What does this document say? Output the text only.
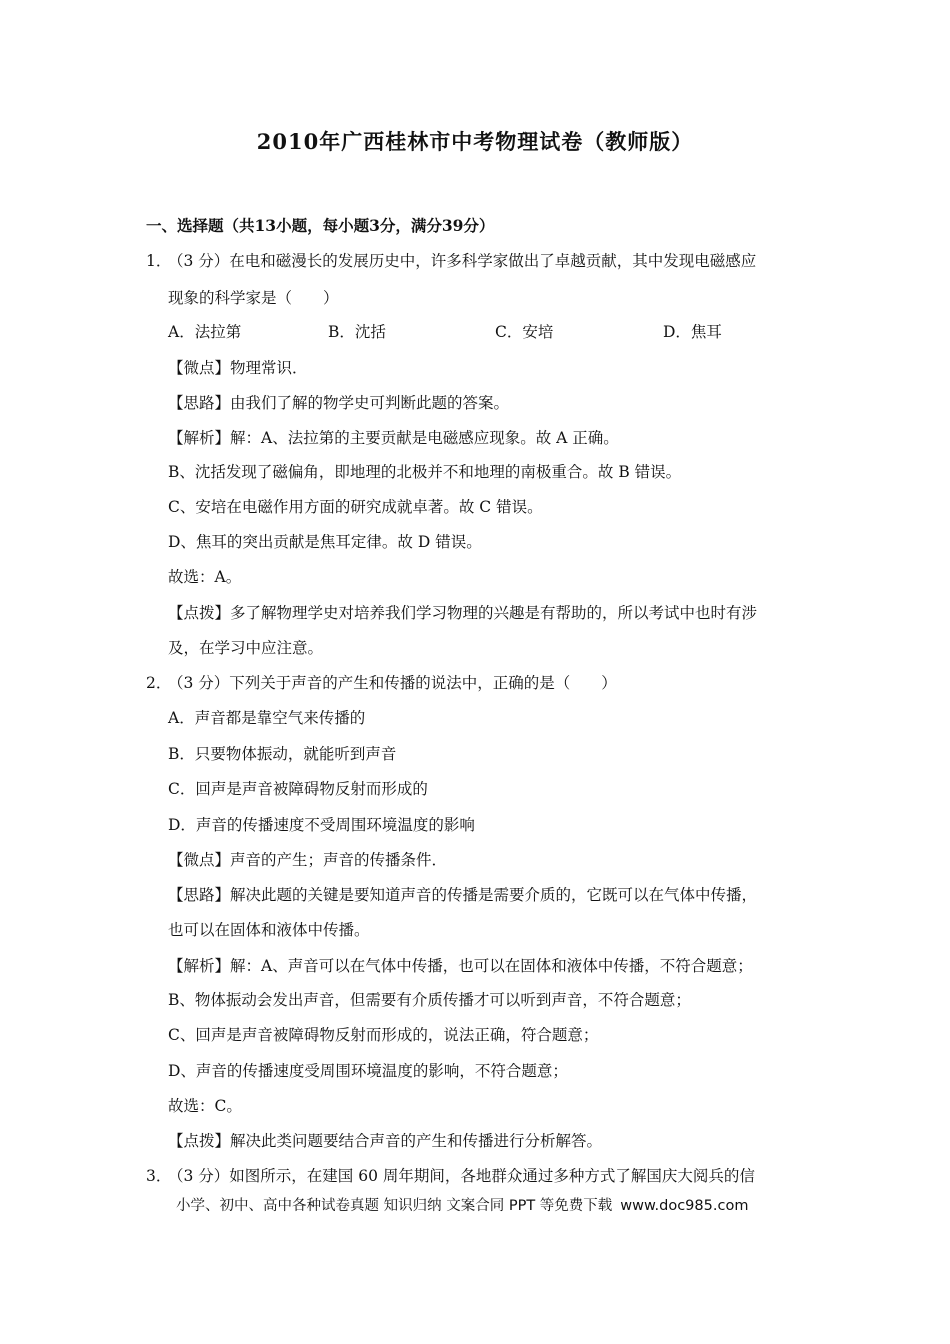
2010年广西桂林市中考物理试卷（教师版）
一、选择题（共13小题，每小题3分，满分39分）
1．（3 分）在电和磁漫长的发展历史中，许多科学家做出了卓越贡献，其中发现电磁感应
现象的科学家是（　　）
A．法拉第	B．沈括	C．安培	D．焦耳
【微点】物理常识．
【思路】由我们了解的物学史可判断此题的答案。
【解析】解：A、法拉第的主要贡献是电磁感应现象。故 A 正确。
B、沈括发现了磁偏角，即地理的北极并不和地理的南极重合。故 B 错误。
C、安培在电磁作用方面的研究成就卓著。故 C 错误。
D、焦耳的突出贡献是焦耳定律。故 D 错误。
故选：A。
【点拨】多了解物理学史对培养我们学习物理的兴趣是有帮助的，所以考试中也时有涉
及，在学习中应注意。
2．（3 分）下列关于声音的产生和传播的说法中，正确的是（　　）
A．声音都是靠空气来传播的
B．只要物体振动，就能听到声音
C．回声是声音被障碍物反射而形成的
D．声音的传播速度不受周围环境温度的影响
【微点】声音的产生；声音的传播条件．
【思路】解决此题的关键是要知道声音的传播是需要介质的，它既可以在气体中传播，
也可以在固体和液体中传播。
【解析】解：A、声音可以在气体中传播，也可以在固体和液体中传播，不符合题意；
B、物体振动会发出声音，但需要有介质传播才可以听到声音，不符合题意；
C、回声是声音被障碍物反射而形成的，说法正确，符合题意；
D、声音的传播速度受周围环境温度的影响，不符合题意；
故选：C。
【点拨】解决此类问题要结合声音的产生和传播进行分析解答。
3．（3 分）如图所示，在建国 60 周年期间，各地群众通过多种方式了解国庆大阅兵的信
小学、初中、高中各种试卷真题 知识归纳 文案合同 PPT 等免费下载 www.doc985.com
